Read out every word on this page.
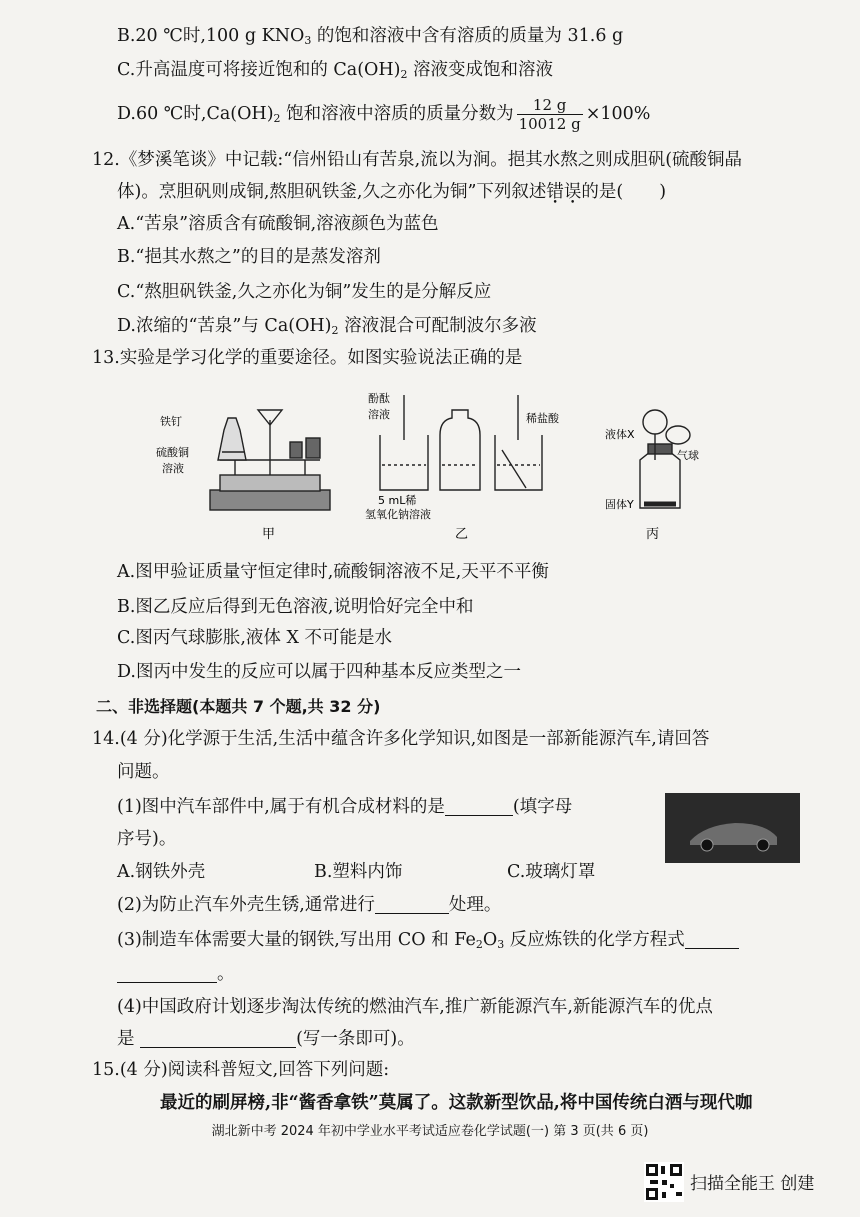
B.20 ℃时,100 g $KNO_3$ 的饱和溶液中含有溶质的质量为 31.6 g
C.升高温度可将接近饱和的 $Ca(OH)_2$ 溶液变成饱和溶液
D.60 ℃时$,Ca(OH)_2$ 饱和溶液中溶质的质量分数为 $\frac{12 g}{10012 g} \times 100\%$
12.《梦溪笔谈》中记载:“信州铅山有苦泉,流以为涧。挹其水熬之则成胆矾(硫酸铜晶
体)。烹胆矾则成铜,熬胆矾铁釜,久之亦化为铜”下列叙述错误的是( )
A.“苦泉”溶质含有硫酸铜,溶液颜色为蓝色
B.“挹其水熬之”的目的是蒸发溶剂
C.“熬胆矾铁釜,久之亦化为铜”发生的是分解反应
D.浓缩的“苦泉”与 $Ca(OH)_2$ 溶液混合可配制波尔多液
13.实验是学习化学的重要途径。如图实验说法正确的是
铁钉
硫酸铜
溶液
甲
酚酞
溶液	稀盐酸
5 mL稀
氢氧化钠溶液
乙
液体X
气球
固体Y
丙
A.图甲验证质量守恒定律时,硫酸铜溶液不足,天平不平衡
B.图乙反应后得到无色溶液,说明恰好完全中和
C.图丙气球膨胀,液体 X 不可能是水
D.图丙中发生的反应可以属于四种基本反应类型之一
二、非选择题(本题共 7 个题,共 32 分)
14.(4 分)化学源于生活,生活中蕴含许多化学知识,如图是一部新能源汽车,请回答
问题。
(1)图中汽车部件中,属于有机合成材料的是	(填字母
序号)。
A.钢铁外壳	B.塑料内饰	C.玻璃灯罩
(2)为防止汽车外壳生锈,通常进行	处理。
(3)制造车体需要大量的钢铁,写出用 CO 和 $Fe_2O_3$ 反应炼铁的化学方程式
。
(4)中国政府计划逐步淘汰传统的燃油汽车,推广新能源汽车,新能源汽车的优点
是	(写一条即可)。
15.(4 分)阅读科普短文,回答下列问题:
最近的刷屏榜,非“酱香拿铁”莫属了。这款新型饮品,将中国传统白酒与现代咖
湖北新中考 2024 年初中学业水平考试适应卷化学试题(一) 第 3 页(共 6 页)
扫描全能王 创建
